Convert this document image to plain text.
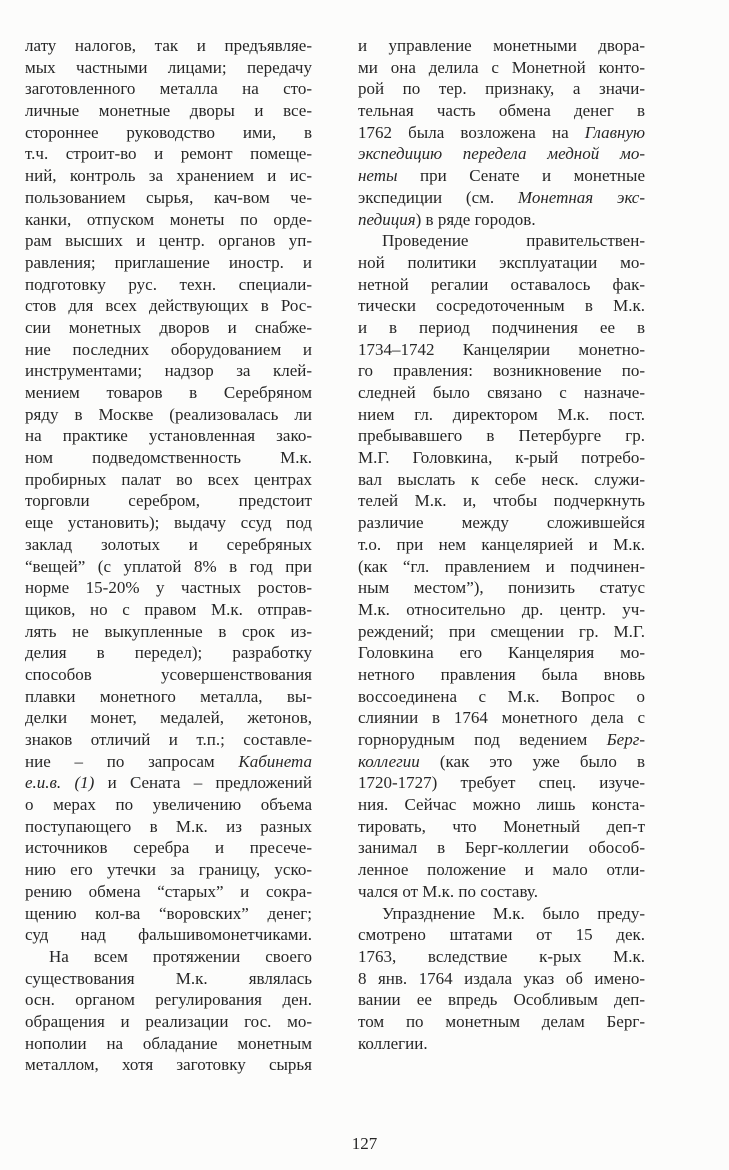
лату налогов, так и предъявляе-
мых частными лицами; передачу
заготовленного металла на сто-
личные монетные дворы и все-
стороннее руководство ими, в
т.ч. строит-во и ремонт помеще-
ний, контроль за хранением и ис-
пользованием сырья, кач-вом че-
канки, отпуском монеты по орде-
рам высших и центр. органов уп-
равления; приглашение иностр. и
подготовку рус. техн. специали-
стов для всех действующих в Рос-
сии монетных дворов и снабже-
ние последних оборудованием и
инструментами; надзор за клей-
мением товаров в Серебряном
ряду в Москве (реализовалась ли
на практике установленная зако-
ном подведомственность М.к.
пробирных палат во всех центрах
торговли серебром, предстоит
еще установить); выдачу ссуд под
заклад золотых и серебряных
“вещей” (с уплатой 8% в год при
норме 15-20% у частных ростов-
щиков, но с правом М.к. отправ-
лять не выкупленные в срок из-
делия в передел); разработку
способов усовершенствования
плавки монетного металла, вы-
делки монет, медалей, жетонов,
знаков отличий и т.п.; составле-
ние – по запросам Кабинета
е.и.в. (1) и Сената – предложений
о мерах по увеличению объема
поступающего в М.к. из разных
источников серебра и пресече-
нию его утечки за границу, уско-
рению обмена “старых” и сокра-
щению кол-ва “воровских” денег;
суд над фальшивомонетчиками.
На всем протяжении своего
существования М.к. являлась
осн. органом регулирования ден.
обращения и реализации гос. мо-
нополии на обладание монетным
металлом, хотя заготовку сырья
и управление монетными двора-
ми она делила с Монетной конто-
рой по тер. признаку, а значи-
тельная часть обмена денег в
1762 была возложена на Главную
экспедицию передела медной мо-
неты при Сенате и монетные
экспедиции (см. Монетная экс-
педиция) в ряде городов.
Проведение правительствен-
ной политики эксплуатации мо-
нетной регалии оставалось фак-
тически сосредоточенным в М.к.
и в период подчинения ее в
1734–1742 Канцелярии монетно-
го правления: возникновение по-
следней было связано с назначе-
нием гл. директором М.к. пост.
пребывавшего в Петербурге гр.
М.Г. Головкина, к-рый потребо-
вал выслать к себе неск. служи-
телей М.к. и, чтобы подчеркнуть
различие между сложившейся
т.о. при нем канцелярией и М.к.
(как “гл. правлением и подчинен-
ным местом”), понизить статус
М.к. относительно др. центр. уч-
реждений; при смещении гр. М.Г.
Головкина его Канцелярия мо-
нетного правления была вновь
воссоединена с М.к. Вопрос о
слиянии в 1764 монетного дела с
горнорудным под ведением Берг-
коллегии (как это уже было в
1720-1727) требует спец. изуче-
ния. Сейчас можно лишь конста-
тировать, что Монетный деп-т
занимал в Берг-коллегии обособ-
ленное положение и мало отли-
чался от М.к. по составу.
Упразднение М.к. было преду-
смотрено штатами от 15 дек.
1763, вследствие к-рых М.к.
8 янв. 1764 издала указ об имено-
вании ее впредь Особливым деп-
том по монетным делам Берг-
коллегии.
127
